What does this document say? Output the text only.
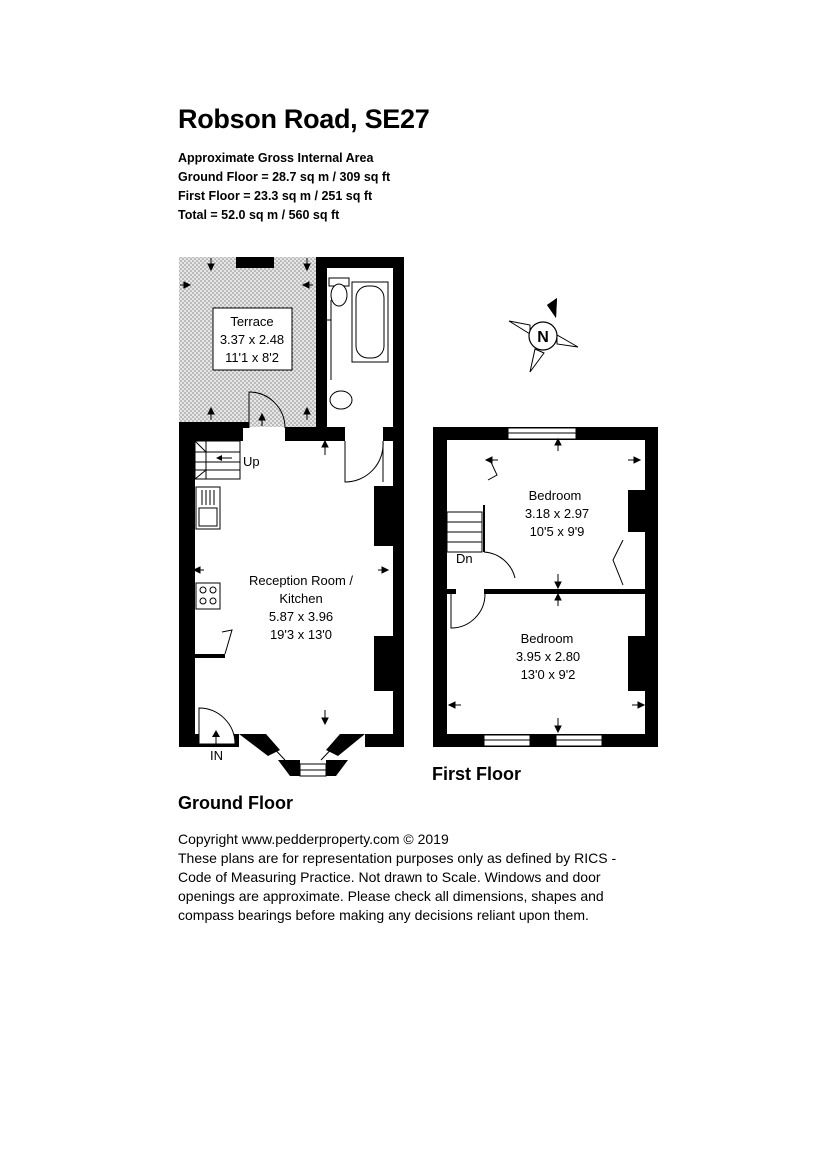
Robson Road, SE27
Approximate Gross Internal Area
Ground Floor = 28.7 sq m / 309 sq ft
First Floor = 23.3 sq m / 251 sq ft
Total = 52.0 sq m / 560 sq ft
Terrace
3.37 x 2.48
11'1 x 8'2
Up
IN
Reception Room /
Kitchen
5.87 x 3.96
19'3 x 13'0
Bedroom
3.18 x 2.97
10'5 x 9'9
Dn
Bedroom
3.95 x 2.80
13'0 x 9'2
N
First Floor
Ground Floor
Copyright www.pedderproperty.com © 2019
These plans are for representation purposes only as defined by RICS - Code of Measuring Practice. Not drawn to Scale. Windows and door openings are approximate. Please check all dimensions, shapes and compass bearings before making any decisions reliant upon them.
